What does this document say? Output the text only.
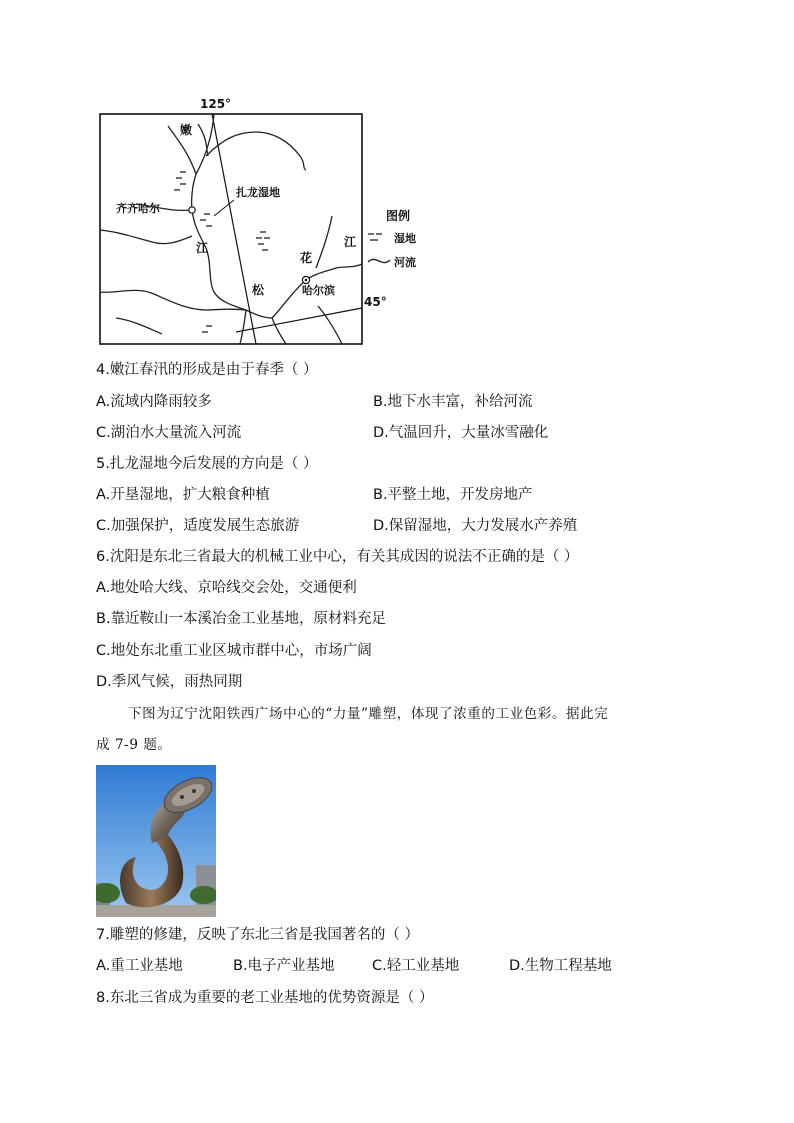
125°
45°
嫩
齐齐哈尔
扎龙湿地
江
松
花
江
哈尔滨
图例
湿地
河流
4.嫩江春汛的形成是由于春季（ ）
A.流域内降雨较多	B.地下水丰富，补给河流
C.湖泊水大量流入河流	D.气温回升，大量冰雪融化
5.扎龙湿地今后发展的方向是（ ）
A.开垦湿地，扩大粮食种植	B.平整土地，开发房地产
C.加强保护，适度发展生态旅游	D.保留湿地，大力发展水产养殖
6.沈阳是东北三省最大的机械工业中心，有关其成因的说法不正确的是（ ）
A.地处哈大线、京哈线交会处，交通便利
B.靠近鞍山一本溪冶金工业基地，原材料充足
C.地处东北重工业区城市群中心，市场广阔
D.季风气候，雨热同期
下图为辽宁沈阳铁西广场中心的“力量”雕塑，体现了浓重的工业色彩。据此完
成 7-9 题。
7.雕塑的修建，反映了东北三省是我国著名的（ ）
A.重工业基地	B.电子产业基地	C.轻工业基地	D.生物工程基地
8.东北三省成为重要的老工业基地的优势资源是（ ）
